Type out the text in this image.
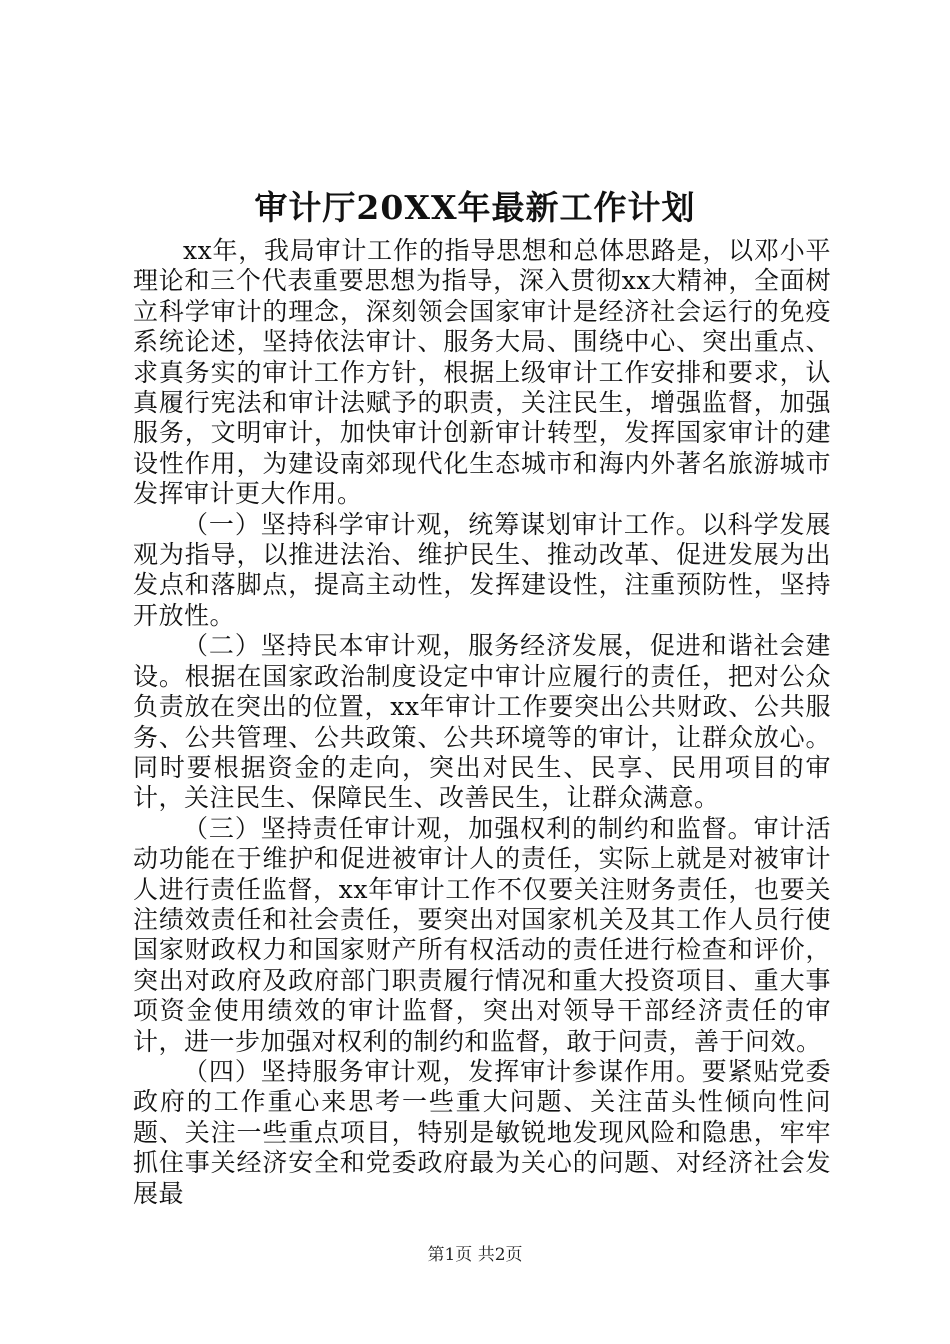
审计厅20XX年最新工作计划

xx年，我局审计工作的指导思想和总体思路是，以邓小平理论和三个代表重要思想为指导，深入贯彻xx大精神，全面树立科学审计的理念，深刻领会国家审计是经济社会运行的免疫系统论述，坚持依法审计、服务大局、围绕中心、突出重点、求真务实的审计工作方针，根据上级审计工作安排和要求，认真履行宪法和审计法赋予的职责，关注民生，增强监督，加强服务，文明审计，加快审计创新审计转型，发挥国家审计的建设性作用，为建设南郊现代化生态城市和海内外著名旅游城市发挥审计更大作用。

（一）坚持科学审计观，统筹谋划审计工作。以科学发展观为指导，以推进法治、维护民生、推动改革、促进发展为出发点和落脚点，提高主动性，发挥建设性，注重预防性，坚持开放性。

（二）坚持民本审计观，服务经济发展，促进和谐社会建设。根据在国家政治制度设定中审计应履行的责任，把对公众负责放在突出的位置，xx年审计工作要突出公共财政、公共服务、公共管理、公共政策、公共环境等的审计，让群众放心。同时要根据资金的走向，突出对民生、民享、民用项目的审计，关注民生、保障民生、改善民生，让群众满意。

（三）坚持责任审计观，加强权利的制约和监督。审计活动功能在于维护和促进被审计人的责任，实际上就是对被审计人进行责任监督，xx年审计工作不仅要关注财务责任，也要关注绩效责任和社会责任，要突出对国家机关及其工作人员行使国家财政权力和国家财产所有权活动的责任进行检查和评价，突出对政府及政府部门职责履行情况和重大投资项目、重大事项资金使用绩效的审计监督，突出对领导干部经济责任的审计，进一步加强对权利的制约和监督，敢于问责，善于问效。

（四）坚持服务审计观，发挥审计参谋作用。要紧贴党委政府的工作重心来思考一些重大问题、关注苗头性倾向性问题、关注一些重点项目，特别是敏锐地发现风险和隐患，牢牢抓住事关经济安全和党委政府最为关心的问题、对经济社会发展最

第1页 共2页
